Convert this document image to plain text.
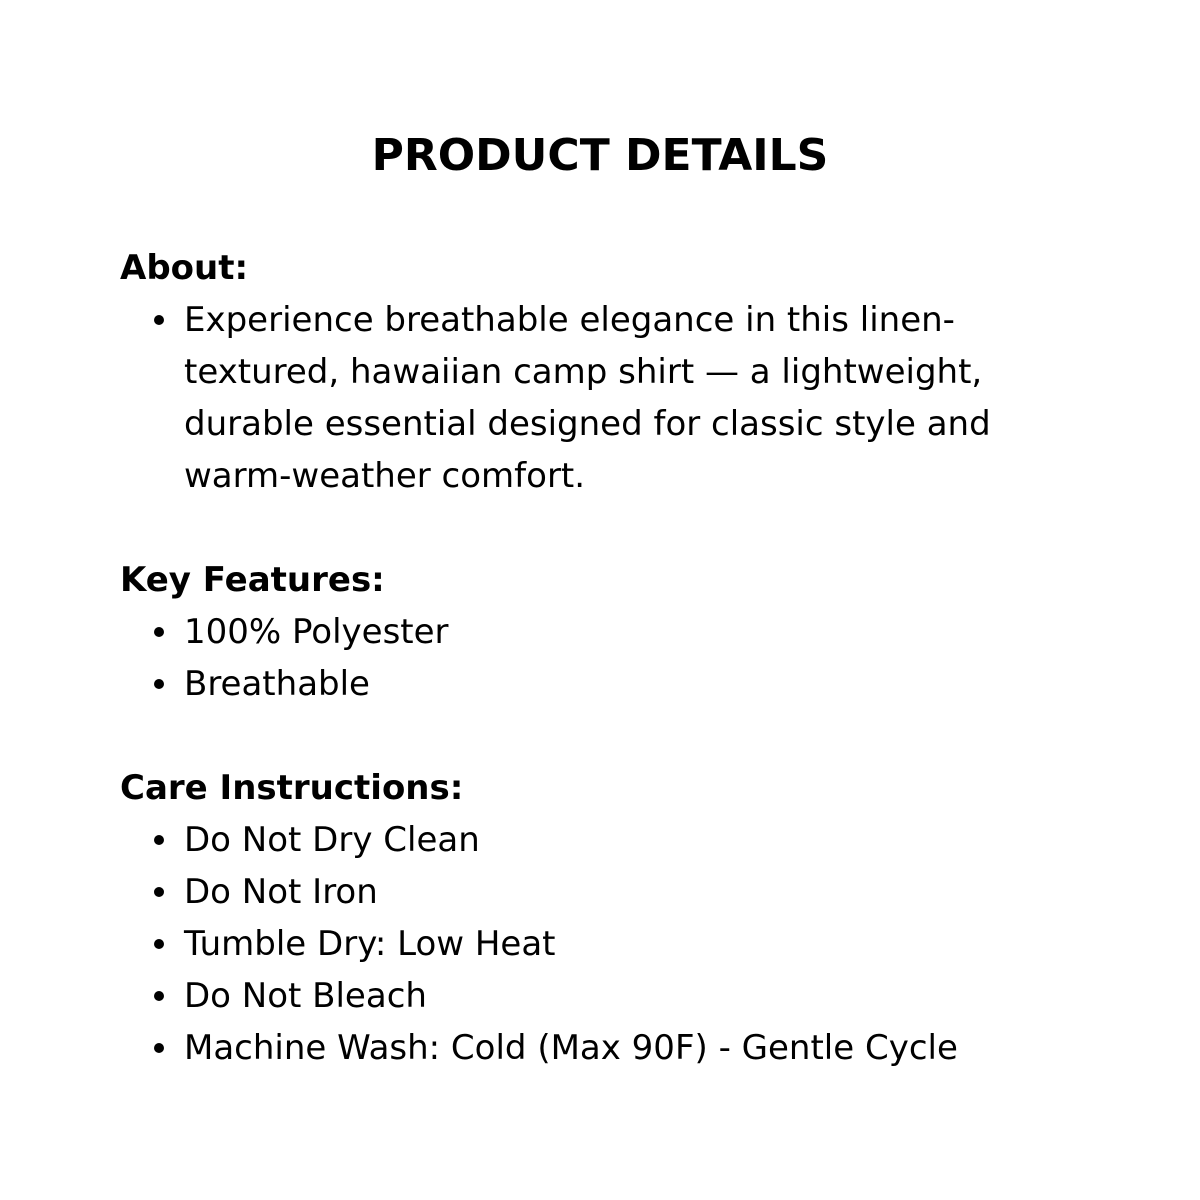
PRODUCT DETAILS
About:
Experience breathable elegance in this linen-textured, hawaiian camp shirt — a lightweight, durable essential designed for classic style and warm-weather comfort.
Key Features:
100% Polyester
Breathable
Care Instructions:
Do Not Dry Clean
Do Not Iron
Tumble Dry: Low Heat
Do Not Bleach
Machine Wash: Cold (Max 90F) - Gentle Cycle
